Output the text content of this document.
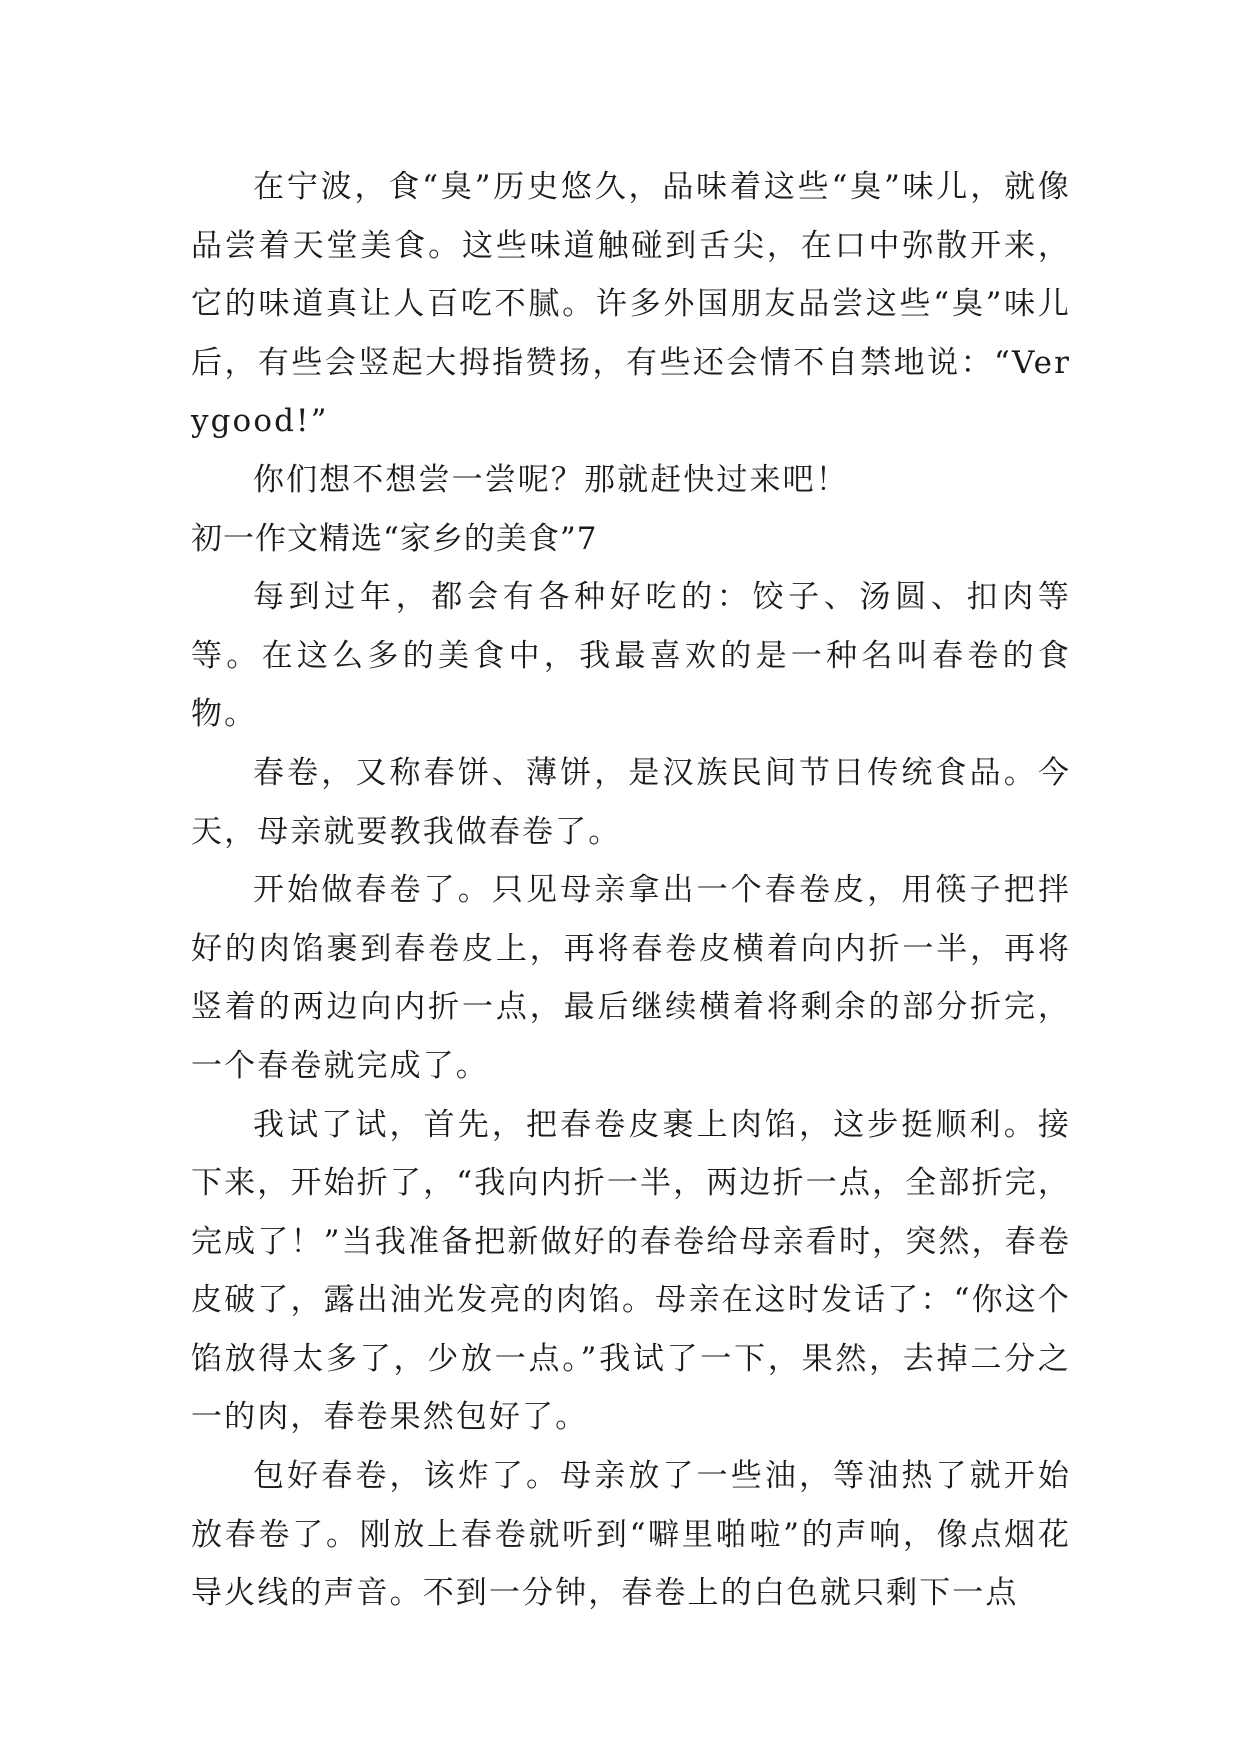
在宁波，食“臭”历史悠久，品味着这些“臭”味儿，就像品尝着天堂美食。这些味道触碰到舌尖，在口中弥散开来，它的味道真让人百吃不腻。许多外国朋友品尝这些“臭”味儿后，有些会竖起大拇指赞扬，有些还会情不自禁地说：“Verygood!”

你们想不想尝一尝呢？那就赶快过来吧！

初一作文精选“家乡的美食”7

每到过年，都会有各种好吃的：饺子、汤圆、扣肉等等。在这么多的美食中，我最喜欢的是一种名叫春卷的食物。

春卷，又称春饼、薄饼，是汉族民间节日传统食品。今天，母亲就要教我做春卷了。

开始做春卷了。只见母亲拿出一个春卷皮，用筷子把拌好的肉馅裹到春卷皮上，再将春卷皮横着向内折一半，再将竖着的两边向内折一点，最后继续横着将剩余的部分折完，一个春卷就完成了。

我试了试，首先，把春卷皮裹上肉馅，这步挺顺利。接下来，开始折了，“我向内折一半，两边折一点，全部折完，完成了！”当我准备把新做好的春卷给母亲看时，突然，春卷皮破了，露出油光发亮的肉馅。母亲在这时发话了：“你这个馅放得太多了，少放一点。”我试了一下，果然，去掉二分之一的肉，春卷果然包好了。

包好春卷，该炸了。母亲放了一些油，等油热了就开始放春卷了。刚放上春卷就听到“噼里啪啦”的声响，像点烟花导火线的声音。不到一分钟，春卷上的白色就只剩下一点
